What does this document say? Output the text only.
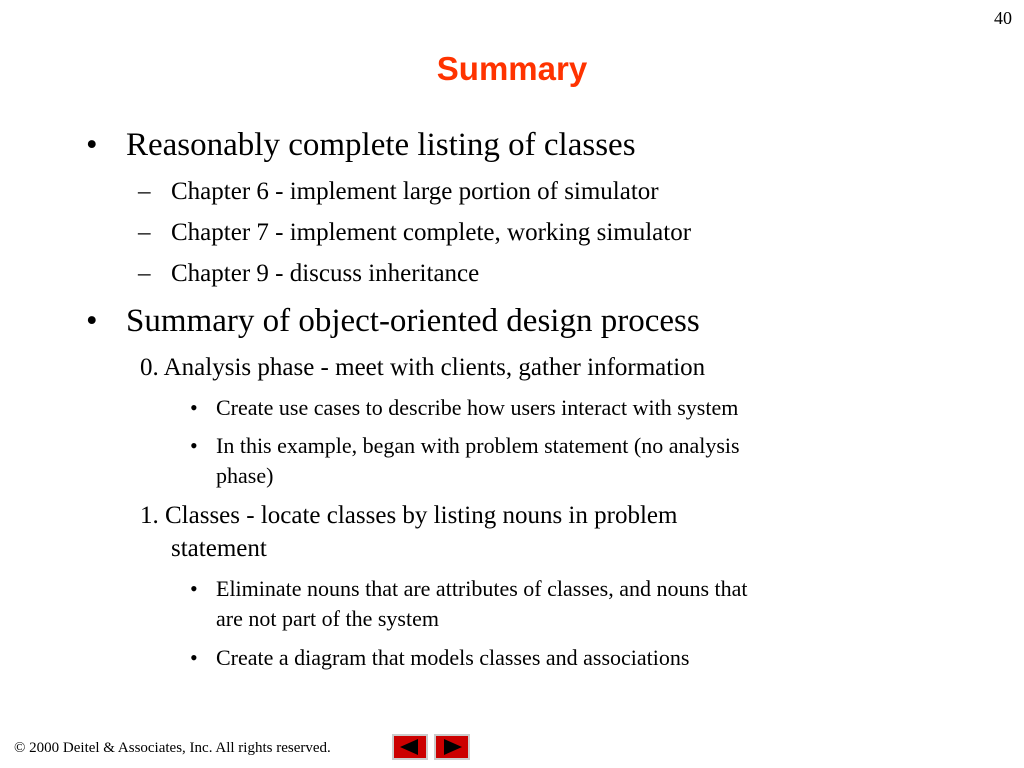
40
Summary
• Reasonably complete listing of classes
– Chapter 6 - implement large portion of simulator
– Chapter 7 - implement complete, working simulator
– Chapter 9 - discuss inheritance
• Summary of object-oriented design process
0. Analysis phase - meet with clients, gather information
• Create use cases to describe how users interact with system
• In this example, began with problem statement (no analysis
phase)
1. Classes - locate classes by listing nouns in problem
statement
• Eliminate nouns that are attributes of classes, and nouns that
are not part of the system
• Create a diagram that models classes and associations
© 2000 Deitel & Associates, Inc. All rights reserved.
